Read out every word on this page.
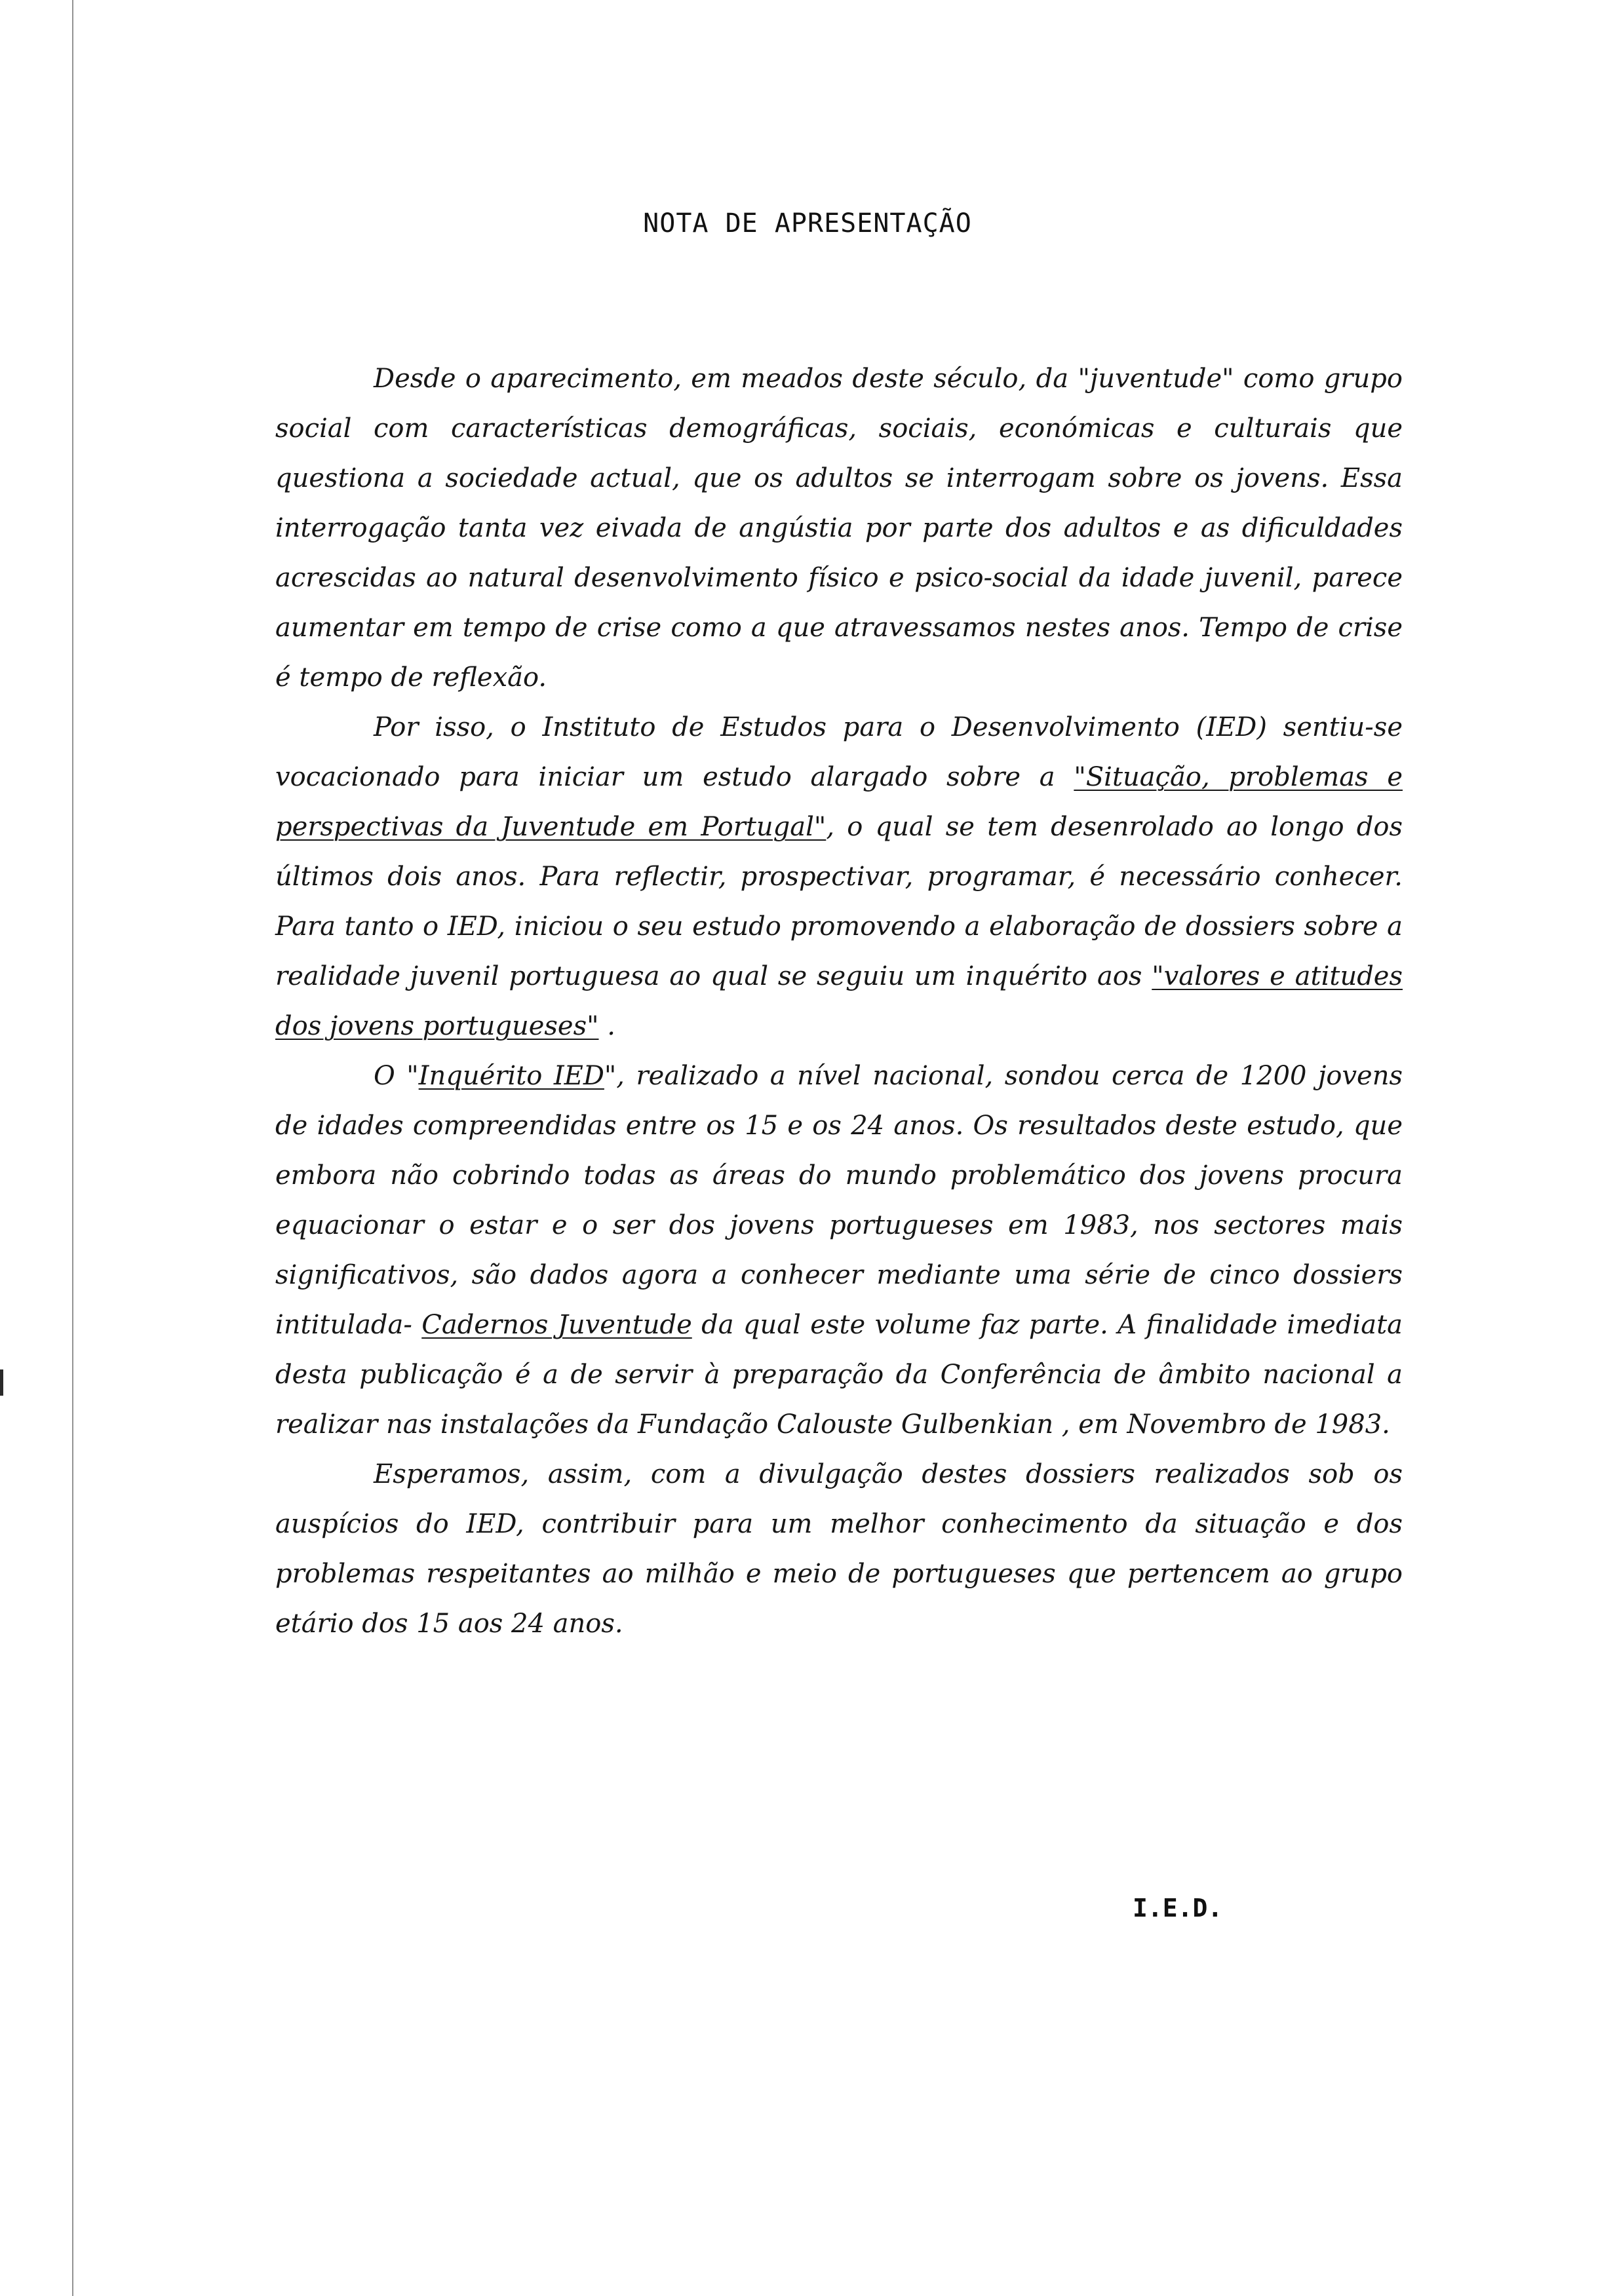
NOTA DE APRESENTAÇÃO

Desde o aparecimento, em meados deste século, da "juventude" como grupo social com características demográficas, sociais, económicas e culturais que questiona a sociedade actual, que os adultos se interrogam sobre os jovens. Essa interrogação tanta vez eivada de angústia por parte dos adultos e as dificuldades acrescidas ao natural desenvolvimento físico e psico-social da idade juvenil, parece aumentar em tempo de crise como a que atravessamos nestes anos. Tempo de crise é tempo de reflexão.

Por isso, o Instituto de Estudos para o Desenvolvimento (IED) sentiu-se vocacionado para iniciar um estudo alargado sobre a "Situação, problemas e perspectivas da Juventude em Portugal", o qual se tem desenrolado ao longo dos últimos dois anos. Para reflectir, prospectivar, programar, é necessário conhecer. Para tanto o IED, iniciou o seu estudo promovendo a elaboração de dossiers sobre a realidade juvenil portuguesa ao qual se seguiu um inquérito aos "valores e atitudes dos jovens portugueses" .

O "Inquérito IED", realizado a nível nacional, sondou cerca de 1200 jovens de idades compreendidas entre os 15 e os 24 anos. Os resultados deste estudo, que embora não cobrindo todas as áreas do mundo problemático dos jovens procura equacionar o estar e o ser dos jovens portugueses em 1983, nos sectores mais significativos, são dados agora a conhecer mediante uma série de cinco dossiers intitulada- Cadernos Juventude da qual este volume faz parte. A finalidade imediata desta publicação é a de servir à preparação da Conferência de âmbito nacional a realizar nas instalações da Fundação Calouste Gulbenkian , em Novembro de 1983.

Esperamos, assim, com a divulgação destes dossiers realizados sob os auspícios do IED, contribuir para um melhor conhecimento da situação e dos problemas respeitantes ao milhão e meio de portugueses que pertencem ao grupo etário dos 15 aos 24 anos.

I.E.D.
